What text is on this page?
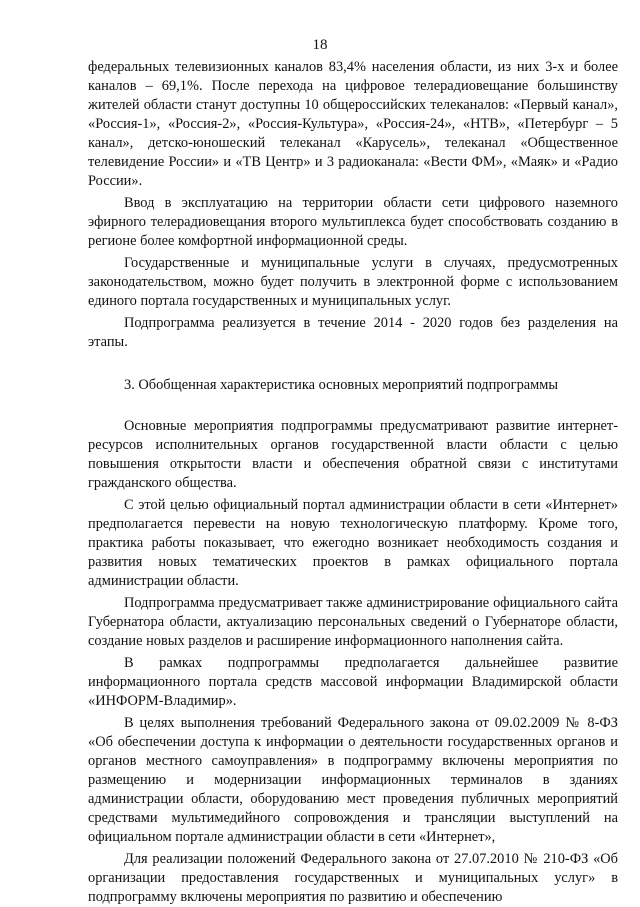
18

федеральных телевизионных каналов 83,4% населения области, из них 3-х и более каналов – 69,1%. После перехода на цифровое телерадиовещание большинству жителей области станут доступны 10 общероссийских телеканалов: «Первый канал», «Россия-1», «Россия-2», «Россия-Культура», «Россия-24», «НТВ», «Петербург – 5 канал», детско-юношеский телеканал «Карусель», телеканал «Общественное телевидение России» и «ТВ Центр» и 3 радиоканала: «Вести ФМ», «Маяк» и «Радио России».

Ввод в эксплуатацию на территории области сети цифрового наземного эфирного телерадиовещания второго мультиплекса будет способствовать созданию в регионе более комфортной информационной среды.

Государственные и муниципальные услуги в случаях, предусмотренных законодательством, можно будет получить в электронной форме с использованием единого портала государственных и муниципальных услуг.

Подпрограмма реализуется в течение 2014 - 2020 годов без разделения на этапы.

3. Обобщенная характеристика основных мероприятий подпрограммы

Основные мероприятия подпрограммы предусматривают развитие интернет-ресурсов исполнительных органов государственной власти области с целью повышения открытости власти и обеспечения обратной связи с институтами гражданского общества.

С этой целью официальный портал администрации области в сети «Интернет» предполагается перевести на новую технологическую платформу. Кроме того, практика работы показывает, что ежегодно возникает необходимость создания и развития новых тематических проектов в рамках официального портала администрации области.

Подпрограмма предусматривает также администрирование официального сайта Губернатора области, актуализацию персональных сведений о Губернаторе области, создание новых разделов и расширение информационного наполнения сайта.

В рамках подпрограммы предполагается дальнейшее развитие информационного портала средств массовой информации Владимирской области «ИНФОРМ-Владимир».

В целях выполнения требований Федерального закона от 09.02.2009 № 8-ФЗ «Об обеспечении доступа к информации о деятельности государственных органов и органов местного самоуправления» в подпрограмму включены мероприятия по размещению и модернизации информационных терминалов в зданиях администрации области, оборудованию мест проведения публичных мероприятий средствами мультимедийного сопровождения и трансляции выступлений на официальном портале администрации области в сети «Интернет»,

Для реализации положений Федерального закона от 27.07.2010 № 210-ФЗ «Об организации предоставления государственных и муниципальных услуг» в подпрограмму включены мероприятия по развитию и обеспечению
